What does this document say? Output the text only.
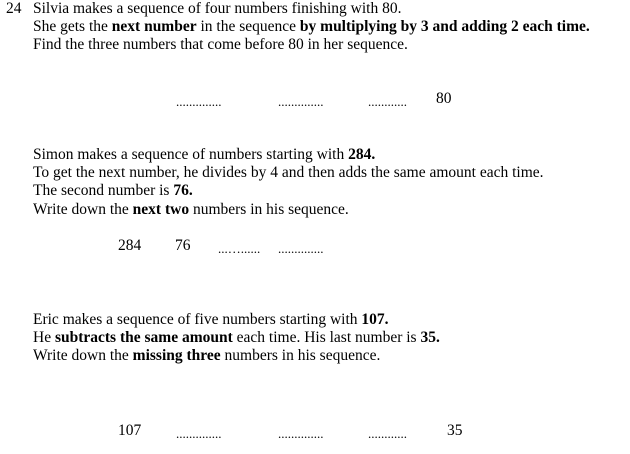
24 Silvia makes a sequence of four numbers finishing with 80.
She gets the next number in the sequence by multiplying by 3 and adding 2 each time.
Find the three numbers that come before 80 in her sequence.
..............	..............	............ 80
Simon makes a sequence of numbers starting with 284.
To get the next number, he divides by 4 and then adds the same amount each time.
The second number is 76.
Write down the next two numbers in his sequence.
284 76 ...…...... ..............
Eric makes a sequence of five numbers starting with 107.
He subtracts the same amount each time. His last number is 35.
Write down the missing three numbers in his sequence.
107	..............	..............	............	35
